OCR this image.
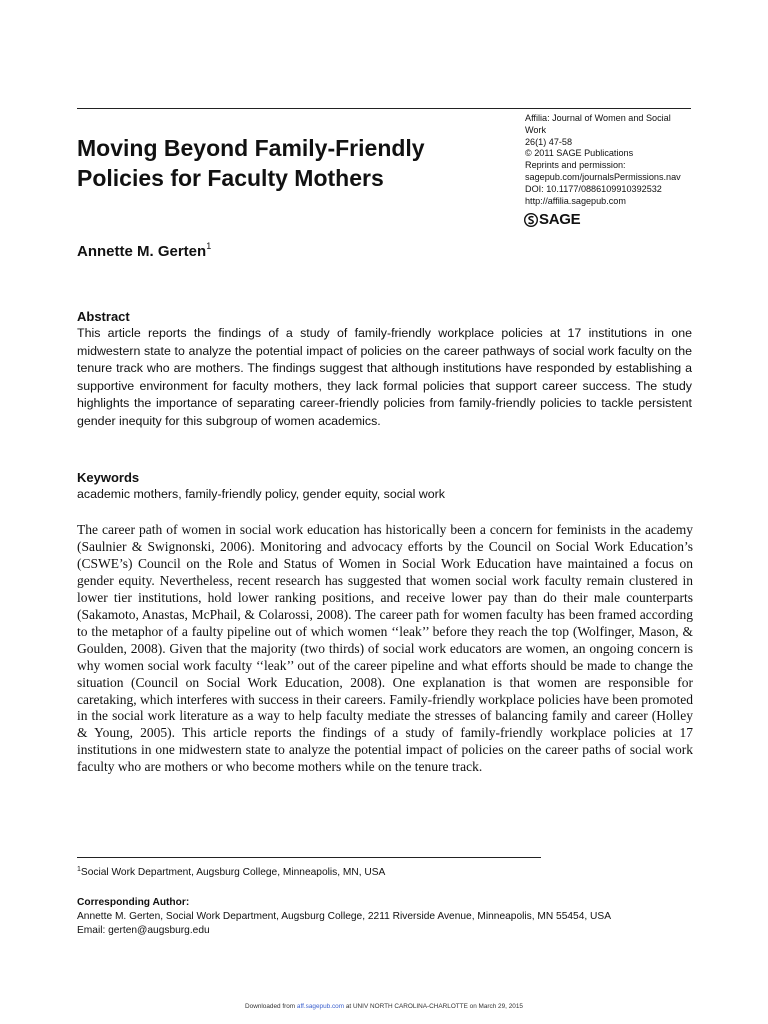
Moving Beyond Family-Friendly Policies for Faculty Mothers
Affilia: Journal of Women and Social Work
26(1) 47-58
© 2011 SAGE Publications
Reprints and permission:
sagepub.com/journalsPermissions.nav
DOI: 10.1177/0886109910392532
http://affilia.sagepub.com
SAGE
Annette M. Gerten$^1$
Abstract

This article reports the findings of a study of family-friendly workplace policies at 17 institutions in one midwestern state to analyze the potential impact of policies on the career pathways of social work faculty on the tenure track who are mothers. The findings suggest that although institutions have responded by establishing a supportive environment for faculty mothers, they lack formal policies that support career success. The study highlights the importance of separating career-friendly policies from family-friendly policies to tackle persistent gender inequity for this subgroup of women academics.

Keywords

academic mothers, family-friendly policy, gender equity, social work

The career path of women in social work education has historically been a concern for feminists in the academy (Saulnier & Swignonski, 2006). Monitoring and advocacy efforts by the Council on Social Work Education’s (CSWE’s) Council on the Role and Status of Women in Social Work Education have maintained a focus on gender equity. Nevertheless, recent research has suggested that women social work faculty remain clustered in lower tier institutions, hold lower ranking positions, and receive lower pay than do their male counterparts (Sakamoto, Anastas, McPhail, & Colarossi, 2008). The career path for women faculty has been framed according to the metaphor of a faulty pipeline out of which women ‘‘leak’’ before they reach the top (Wolfinger, Mason, & Goulden, 2008). Given that the majority (two thirds) of social work educators are women, an ongoing concern is why women social work faculty ‘‘leak’’ out of the career pipeline and what efforts should be made to change the situation (Council on Social Work Education, 2008). One explanation is that women are responsible for caretaking, which interferes with success in their careers. Family-friendly workplace policies have been promoted in the social work literature as a way to help faculty mediate the stresses of balancing family and career (Holley & Young, 2005). This article reports the findings of a study of family-friendly workplace policies at 17 institutions in one midwestern state to analyze the potential impact of policies on the career paths of social work faculty who are mothers or who become mothers while on the tenure track.

$^1$Social Work Department, Augsburg College, Minneapolis, MN, USA
Corresponding Author:
Annette M. Gerten, Social Work Department, Augsburg College, 2211 Riverside Avenue, Minneapolis, MN 55454, USA
Email: gerten@augsburg.edu
Downloaded from aff.sagepub.com at UNIV NORTH CAROLINA-CHARLOTTE on March 29, 2015
